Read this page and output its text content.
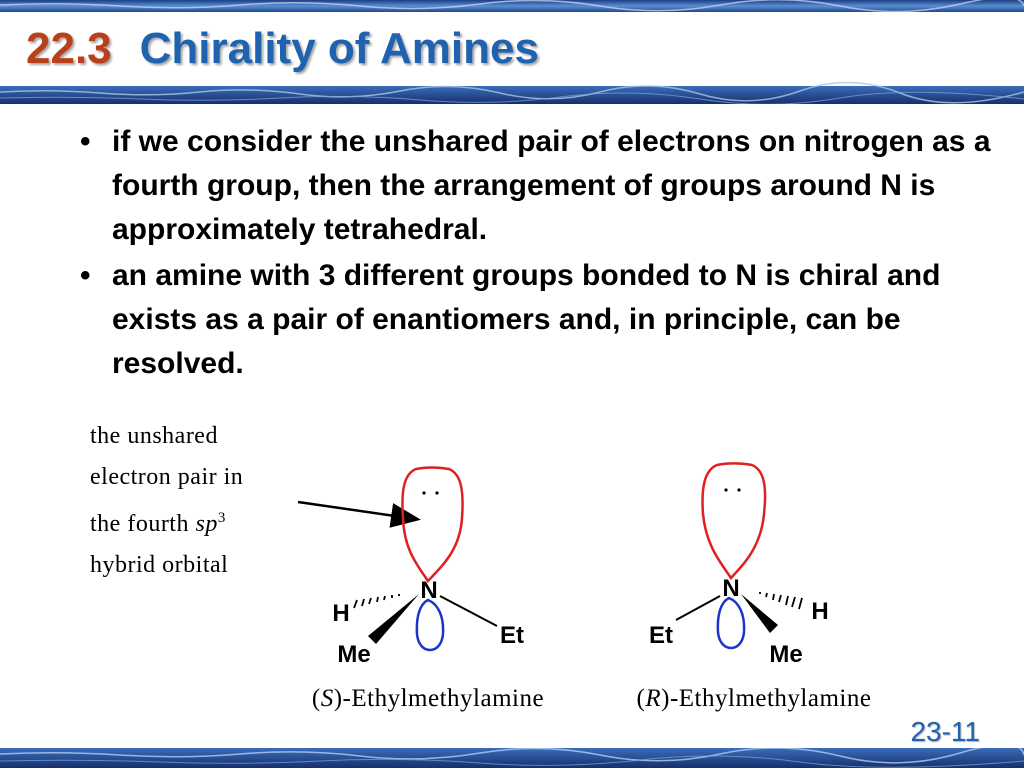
22.3 Chirality of Amines
• if we consider the unshared pair of electrons on nitrogen as a fourth group, then the arrangement of groups around N is approximately tetrahedral.
• an amine with 3 different groups bonded to N is chiral and exists as a pair of enantiomers and, in principle, can be resolved.
the unshared
electron pair in
the fourth $sp^3$
hybrid orbital
N
H
Me
Et
N
H
Me
Et
(S)-Ethylmethylamine	(R)-Ethylmethylamine
23-11
